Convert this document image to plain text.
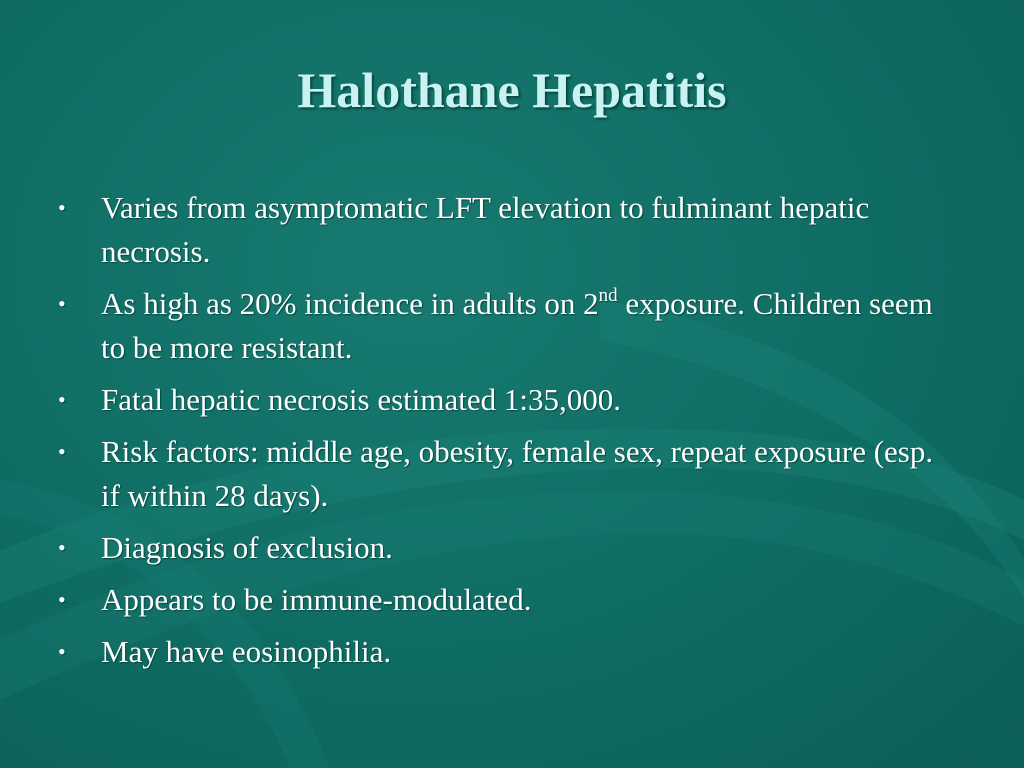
Halothane Hepatitis
• Varies from asymptomatic LFT elevation to fulminant hepatic necrosis.
• As high as 20% incidence in adults on 2nd exposure. Children seem to be more resistant.
• Fatal hepatic necrosis estimated 1:35,000.
• Risk factors: middle age, obesity, female sex, repeat exposure (esp. if within 28 days).
• Diagnosis of exclusion.
• Appears to be immune-modulated.
• May have eosinophilia.
